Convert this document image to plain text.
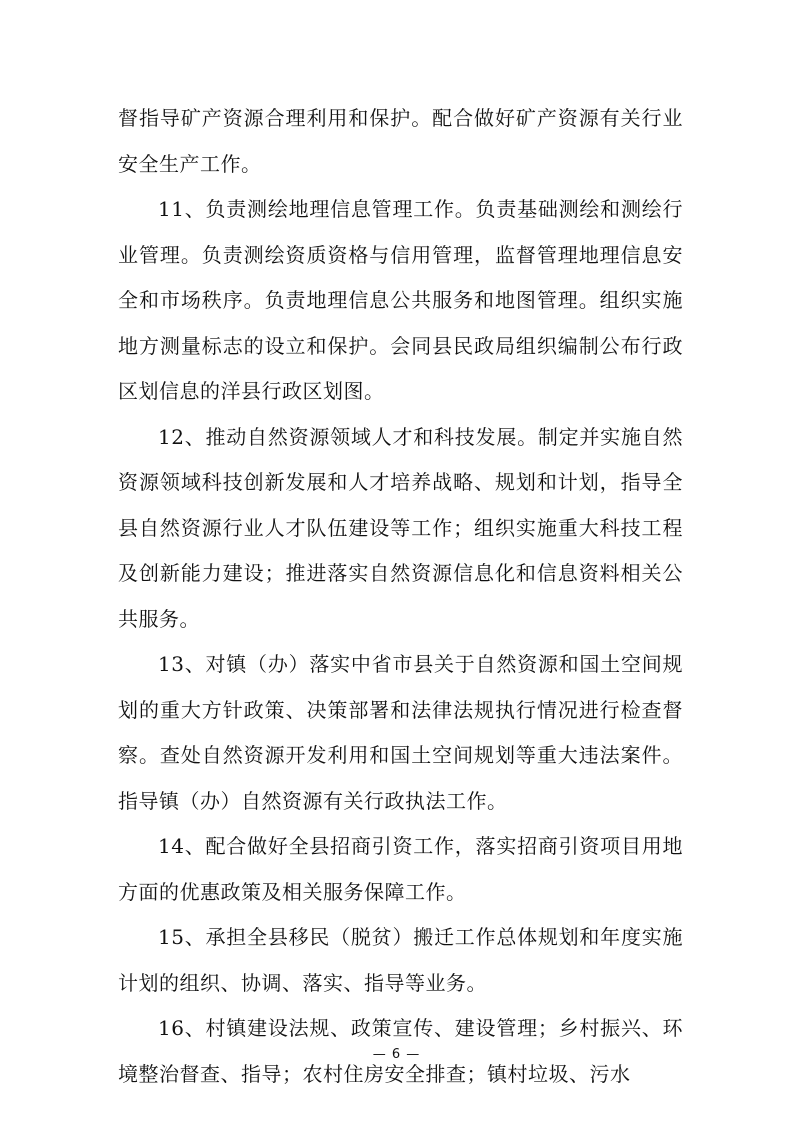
督指导矿产资源合理利用和保护。配合做好矿产资源有关行业安全生产工作。

11、负责测绘地理信息管理工作。负责基础测绘和测绘行业管理。负责测绘资质资格与信用管理，监督管理地理信息安全和市场秩序。负责地理信息公共服务和地图管理。组织实施地方测量标志的设立和保护。会同县民政局组织编制公布行政区划信息的洋县行政区划图。

12、推动自然资源领域人才和科技发展。制定并实施自然资源领域科技创新发展和人才培养战略、规划和计划，指导全县自然资源行业人才队伍建设等工作；组织实施重大科技工程及创新能力建设；推进落实自然资源信息化和信息资料相关公共服务。

13、对镇（办）落实中省市县关于自然资源和国土空间规划的重大方针政策、决策部署和法律法规执行情况进行检查督察。查处自然资源开发利用和国土空间规划等重大违法案件。指导镇（办）自然资源有关行政执法工作。

14、配合做好全县招商引资工作，落实招商引资项目用地方面的优惠政策及相关服务保障工作。

15、承担全县移民（脱贫）搬迁工作总体规划和年度实施计划的组织、协调、落实、指导等业务。

16、村镇建设法规、政策宣传、建设管理；乡村振兴、环境整治督查、指导；农村住房安全排查；镇村垃圾、污水

— 6 —
